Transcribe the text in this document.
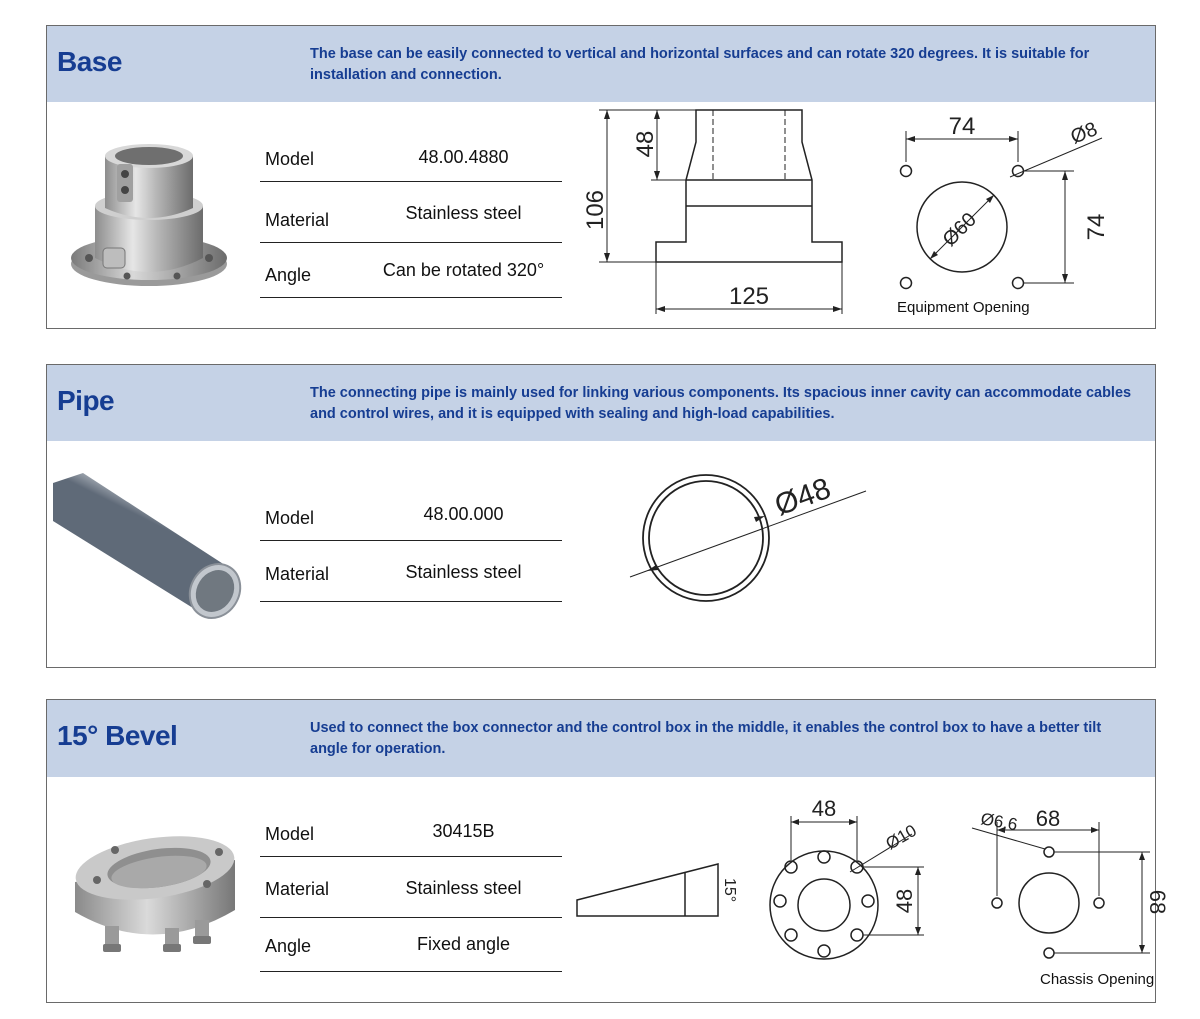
Base	The base can be easily connected to vertical and horizontal surfaces and can rotate 320 degrees. It is suitable for installation and connection.
Model	48.00.4880
Material	Stainless steel
Angle	Can be rotated 320°
106
48
125
74	Ø8
74
Ø60
Equipment Opening
Pipe	The connecting pipe is mainly used for linking various components. Its spacious inner cavity can accommodate cables and control wires, and it is equipped with sealing and high-load capabilities.
Model	48.00.000
Material	Stainless steel
Ø48
15° Bevel	Used to connect the box connector and the control box in the middle, it enables the control box to have a better tilt angle for operation.
Model	30415B
Material	Stainless steel
Angle	Fixed angle
15°
48
Ø10
48
Ø6,6 68
68
Chassis Opening
